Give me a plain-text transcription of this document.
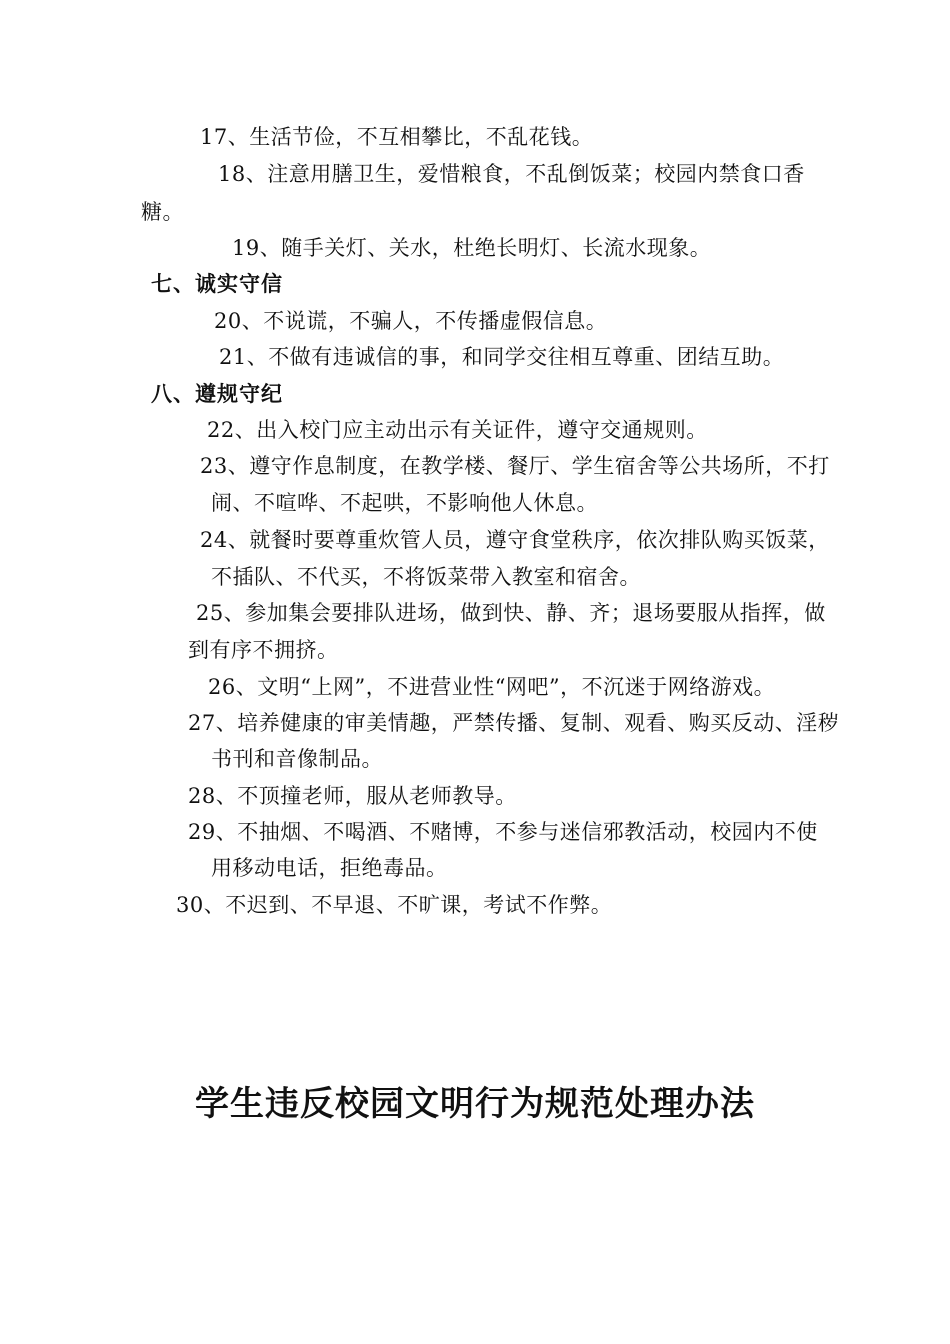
17、生活节俭，不互相攀比，不乱花钱。
18、注意用膳卫生，爱惜粮食，不乱倒饭菜；校园内禁食口香
糖。
19、随手关灯、关水，杜绝长明灯、长流水现象。
七、诚实守信
20、不说谎，不骗人，不传播虚假信息。
21、不做有违诚信的事，和同学交往相互尊重、团结互助。
八、遵规守纪
22、出入校门应主动出示有关证件，遵守交通规则。
23、遵守作息制度，在教学楼、餐厅、学生宿舍等公共场所，不打
闹、不喧哗、不起哄，不影响他人休息。
24、就餐时要尊重炊管人员，遵守食堂秩序，依次排队购买饭菜，
不插队、不代买，不将饭菜带入教室和宿舍。
25、参加集会要排队进场，做到快、静、齐；退场要服从指挥，做
到有序不拥挤。
26、文明“上网”，不进营业性“网吧”，不沉迷于网络游戏。
27、培养健康的审美情趣，严禁传播、复制、观看、购买反动、淫秽
书刊和音像制品。
28、不顶撞老师，服从老师教导。
29、不抽烟、不喝酒、不赌博，不参与迷信邪教活动，校园内不使
用移动电话，拒绝毒品。
30、不迟到、不早退、不旷课，考试不作弊。
学生违反校园文明行为规范处理办法
